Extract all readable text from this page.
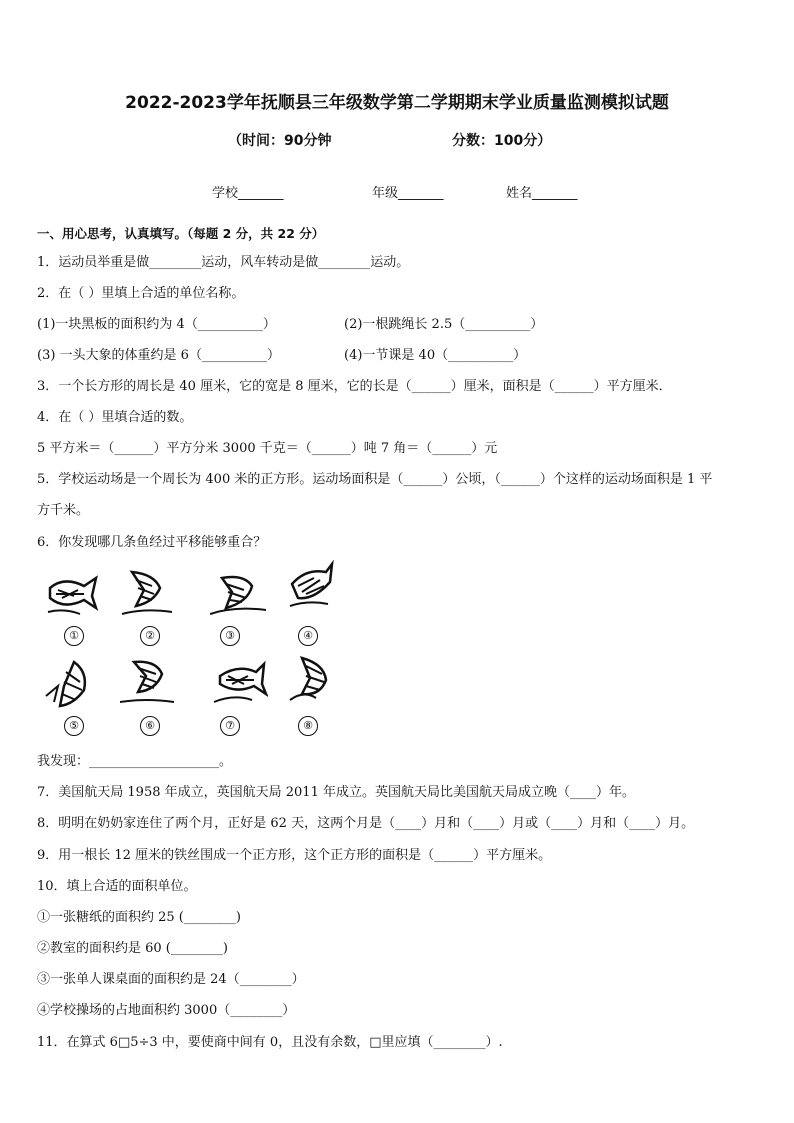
2022-2023学年抚顺县三年级数学第二学期期末学业质量监测模拟试题
（时间：90分钟	分数：100分）
学校_______	年级_______	姓名_______
一、用心思考，认真填写。（每题 2 分，共 22 分）
1．运动员举重是做________运动，风车转动是做________运动。
2．在（ ）里填上合适的单位名称。
(1)一块黑板的面积约为 4（__________）	(2)一根跳绳长 2.5（__________）
(3) 一头大象的体重约是 6（__________）	(4)一节课是 40（__________）
3．一个长方形的周长是 40 厘米，它的宽是 8 厘米，它的长是（______）厘米，面积是（______）平方厘米．
4．在（ ）里填合适的数。
5 平方米＝（______）平方分米 3000 千克＝（______）吨 7 角＝（______）元
5．学校运动场是一个周长为 400 米的正方形。运动场面积是（______）公顷，（______）个这样的运动场面积是 1 平
方千米。
6．你发现哪几条鱼经过平移能够重合？
①	②	③	④
⑤	⑥	⑦	⑧
我发现：____________________。
7．美国航天局 1958 年成立，英国航天局 2011 年成立。英国航天局比美国航天局成立晚（____）年。
8．明明在奶奶家连住了两个月，正好是 62 天，这两个月是（____）月和（____）月或（____）月和（____）月。
9．用一根长 12 厘米的铁丝围成一个正方形，这个正方形的面积是（______）平方厘米。
10．填上合适的面积单位。
①一张糖纸的面积约 25 (________)
②教室的面积约是 60 (________)
③一张单人课桌面的面积约是 24（________）
④学校操场的占地面积约 3000（________）
11．在算式 6□5÷3 中，要使商中间有 0，且没有余数，□里应填（________）.
